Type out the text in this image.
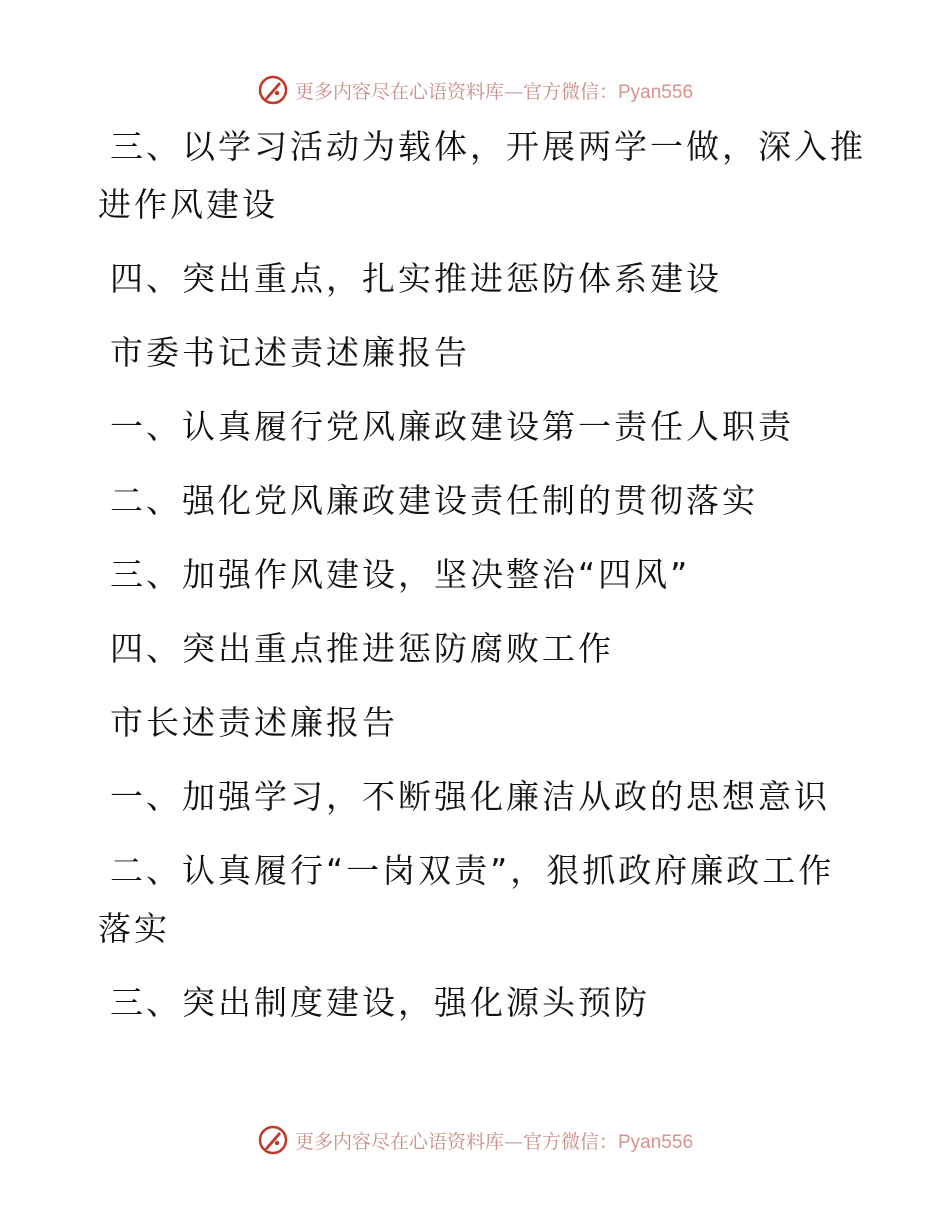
更多内容尽在心语资料库—官方微信：Pyan556

三、以学习活动为载体，开展两学一做，深入推

进作风建设

四、突出重点，扎实推进惩防体系建设

市委书记述责述廉报告

一、认真履行党风廉政建设第一责任人职责

二、强化党风廉政建设责任制的贯彻落实

三、加强作风建设，坚决整治“四风”

四、突出重点推进惩防腐败工作

市长述责述廉报告

一、加强学习，不断强化廉洁从政的思想意识

二、认真履行“一岗双责”，狠抓政府廉政工作

落实

三、突出制度建设，强化源头预防

更多内容尽在心语资料库—官方微信：Pyan556
